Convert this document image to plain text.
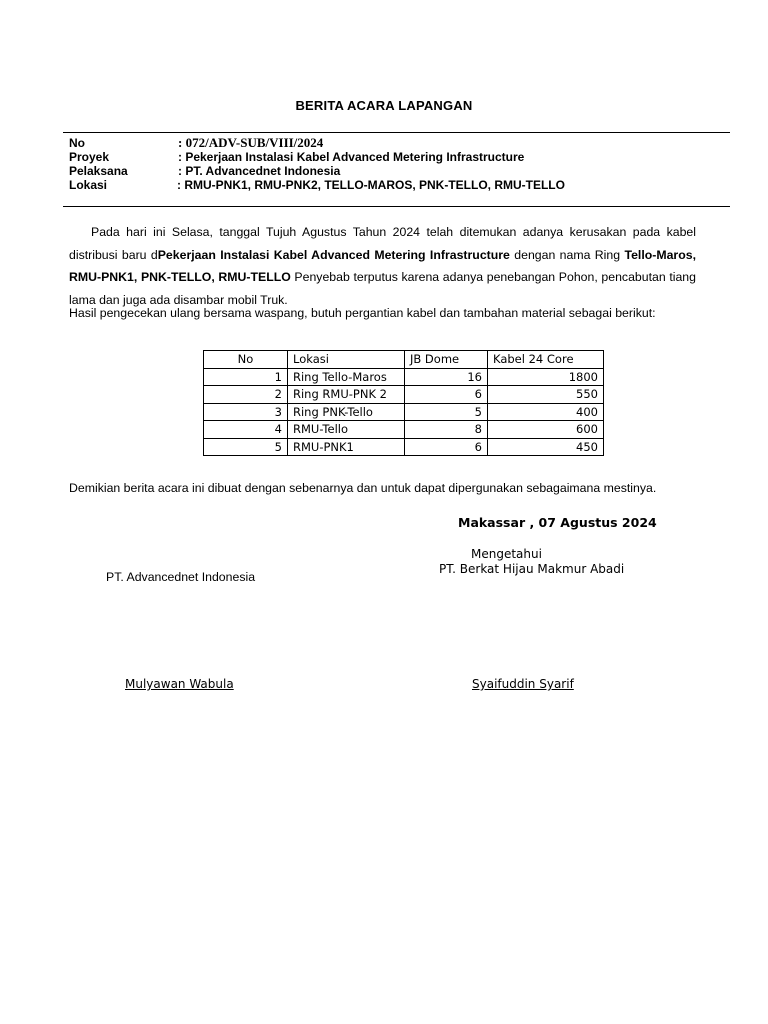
BERITA ACARA LAPANGAN
No	: 072/ADV-SUB/VIII/2024
Proyek	: Pekerjaan Instalasi Kabel Advanced Metering Infrastructure
Pelaksana	: PT. Advancednet Indonesia
Lokasi	: RMU-PNK1, RMU-PNK2, TELLO-MAROS, PNK-TELLO, RMU-TELLO
Pada hari ini Selasa, tanggal Tujuh Agustus Tahun 2024 telah ditemukan adanya kerusakan pada kabel distribusi baru dPekerjaan Instalasi Kabel Advanced Metering Infrastructure dengan nama Ring Tello-Maros, RMU-PNK1, PNK-TELLO, RMU-TELLO Penyebab terputus karena adanya penebangan Pohon, pencabutan tiang lama dan juga ada disambar mobil Truk.
Hasil pengecekan ulang bersama waspang, butuh pergantian kabel dan tambahan material sebagai berikut:
No	Lokasi	JB Dome	Kabel 24 Core
1	Ring Tello-Maros	16	1800
2	Ring RMU-PNK 2	6	550
3	Ring PNK-Tello	5	400
4	RMU-Tello	8	600
5	RMU-PNK1	6	450
Demikian berita acara ini dibuat dengan sebenarnya dan untuk dapat dipergunakan sebagaimana mestinya.
Makassar , 07 Agustus 2024
Mengetahui
PT. Berkat Hijau Makmur Abadi
PT. Advancednet Indonesia
Mulyawan Wabula	Syaifuddin Syarif
